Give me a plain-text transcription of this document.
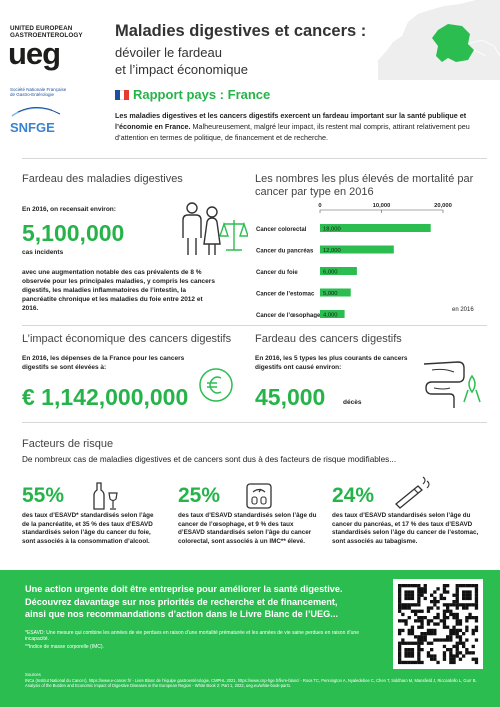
UNITED EUROPEAN
GASTROENTEROLOGY
ueg
Société Nationale Française
de Gastro-Entérologie
SNFGE
Maladies digestives et cancers :
dévoiler le fardeau
et l’impact économique
Rapport pays : France
Les maladies digestives et les cancers digestifs exercent un fardeau important sur la santé publique et l’économie en France. Malheureusement, malgré leur impact, ils restent mal compris, attirant relativement peu d’attention en termes de politique, de financement et de recherche.
Fardeau des maladies digestives
En 2016, on recensait environ:
5,100,000
cas incidents
avec une augmentation notable des cas prévalents de 8 % observée pour les principales maladies, y compris les cancers digestifs, les maladies inflammatoires de l’intestin, la pancréatite chronique et les maladies du foie entre 2012 et 2016.
Les nombres les plus élevés de mortalité par
cancer par type en 2016
0	10,000	20,000
Cancer colorectal	18,000
Cancer du pancréas 12,000
Cancer du foie	6,000
Cancer de l’estomac 5,000
Cancer de l’œsophage 4,000
en 2016
L’impact économique des cancers digestifs
En 2016, les dépenses de la France pour les cancers digestifs se sont élevées à:
€ 1,142,000,000
Fardeau des cancers digestifs
En 2016, les 5 types les plus courants de cancers digestifs ont causé environ:
45,000	décès
Facteurs de risque
De nombreux cas de maladies digestives et de cancers sont dus à des facteurs de risque modifiables...
55%
des taux d’ESAVD* standardisés selon l’âge de la pancréatite, et 35 % des taux d’ESAVD standardisés selon l’âge du cancer du foie, sont associés à la consommation d’alcool.
25%
des taux d’ESAVD standardisés selon l’âge du cancer de l’œsophage, et 9 % des taux d’ESAVD standardisés selon l’âge du cancer colorectal, sont associés à un IMC** élevé.
24%
des taux d’ESAVD standardisés selon l’âge du cancer du pancréas, et 17 % des taux d’ESAVD standardisés selon l’âge du cancer de l’estomac, sont associés au tabagisme.
Une action urgente doit être entreprise pour améliorer la santé digestive.
Découvrez davantage sur nos priorités de recherche et de financement,
ainsi que nos recommandations d’action dans le Livre Blanc de l’UEG...
*ESAVD: Une mesure qui combine les années de vie perdues en raison d’une mortalité prématurée et les années de vie saine perdues en raison d’une incapacité.
**Indice de masse corporelle (IMC).
Sources
INCa (Institut National du Cancer), https://www.e-cancer.fr/ - Livre Blanc de l’équipe gastroentérologie, CMPHL 2021, https://www.cnp-hge.fr/livre-blanc/ - Roos TC, Pennington A, Nyaledeboe C, Chen T, Siddharo M, Mansfield J, Riccardello L, Gurr B. Analysis of the Burden and Economic Impact of Digestive Diseases in the European Region - White Book 2: Part 1, 2022, ueg.eu/white-book-part1.
